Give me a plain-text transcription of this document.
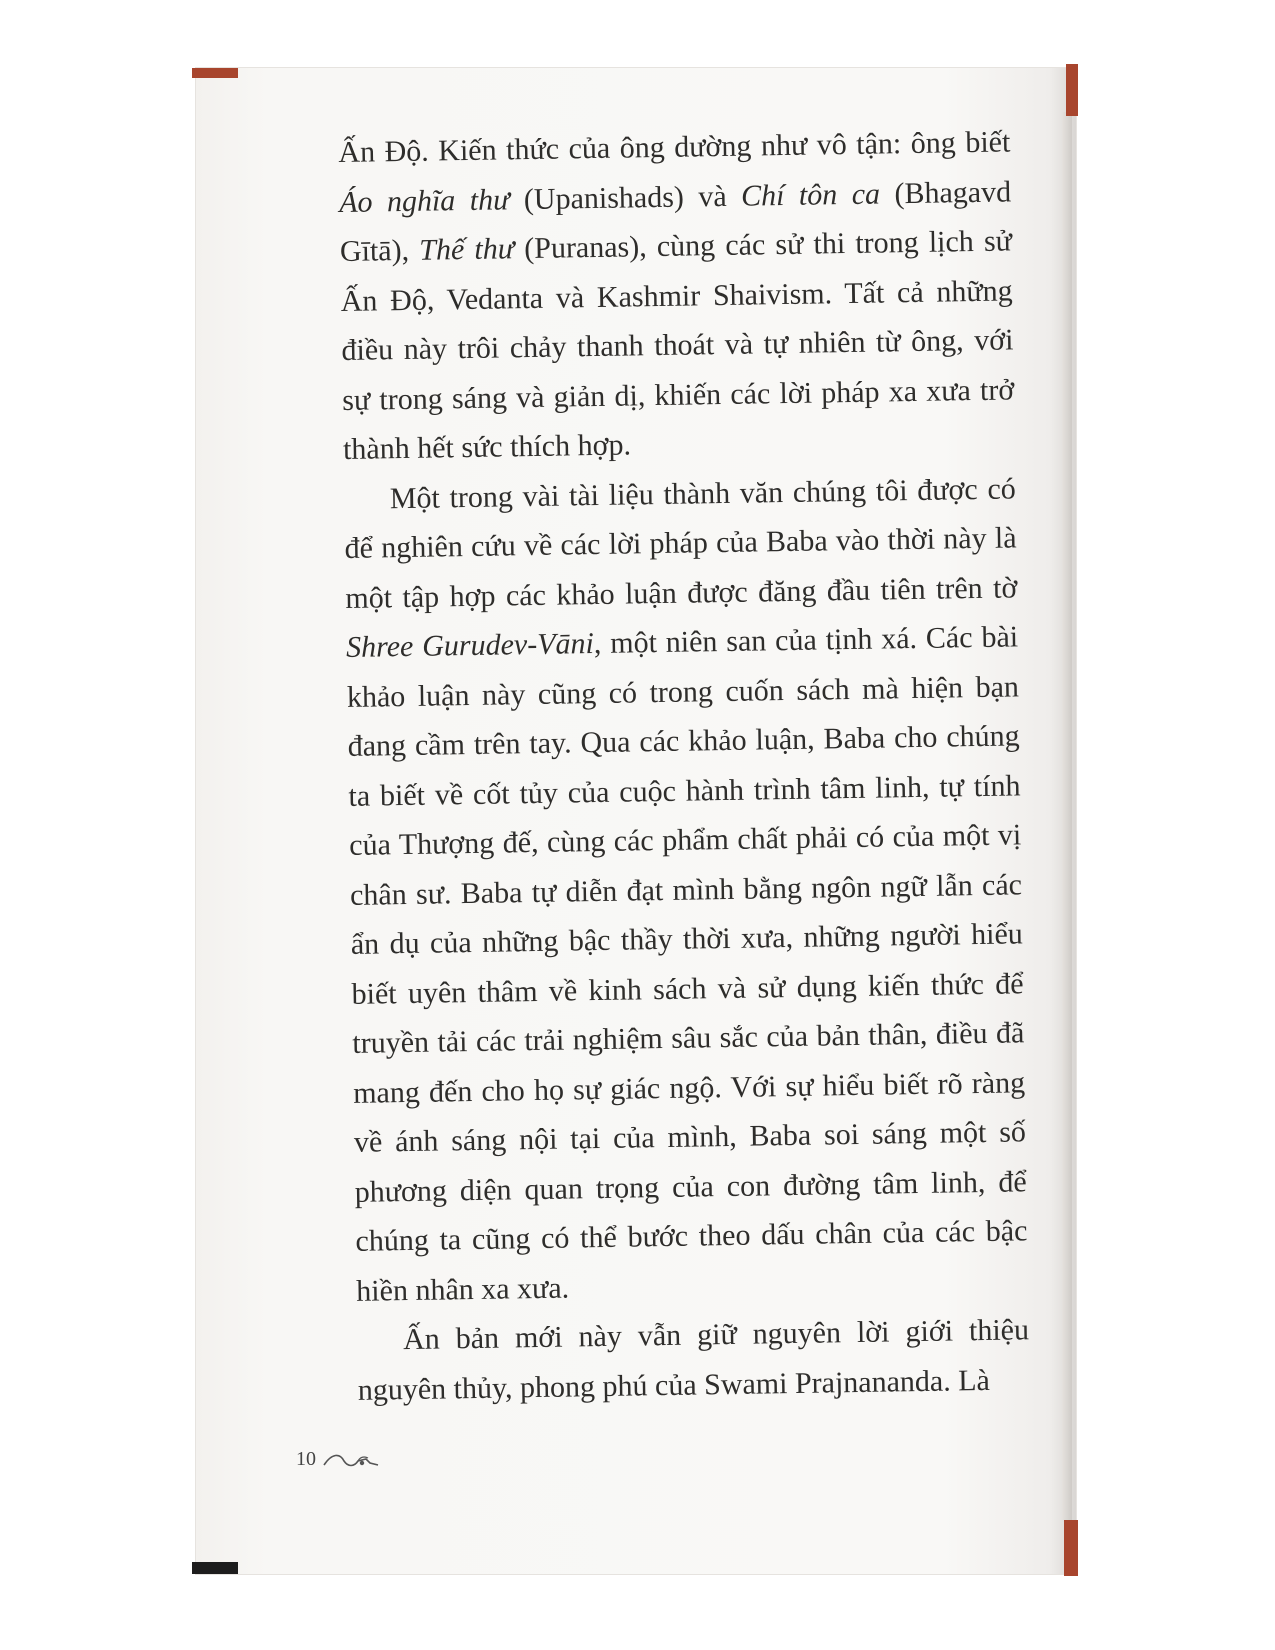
Ấn Độ. Kiến thức của ông dường như vô tận: ông biết Áo nghĩa thư (Upanishads) và Chí tôn ca (Bhagavd Gītā), Thế thư (Puranas), cùng các sử thi trong lịch sử Ấn Độ, Vedanta và Kashmir Shaivism. Tất cả những điều này trôi chảy thanh thoát và tự nhiên từ ông, với sự trong sáng và giản dị, khiến các lời pháp xa xưa trở thành hết sức thích hợp.

Một trong vài tài liệu thành văn chúng tôi được có để nghiên cứu về các lời pháp của Baba vào thời này là một tập hợp các khảo luận được đăng đầu tiên trên tờ Shree Gurudev-Vāni, một niên san của tịnh xá. Các bài khảo luận này cũng có trong cuốn sách mà hiện bạn đang cầm trên tay. Qua các khảo luận, Baba cho chúng ta biết về cốt tủy của cuộc hành trình tâm linh, tự tính của Thượng đế, cùng các phẩm chất phải có của một vị chân sư. Baba tự diễn đạt mình bằng ngôn ngữ lẫn các ẩn dụ của những bậc thầy thời xưa, những người hiểu biết uyên thâm về kinh sách và sử dụng kiến thức để truyền tải các trải nghiệm sâu sắc của bản thân, điều đã mang đến cho họ sự giác ngộ. Với sự hiểu biết rõ ràng về ánh sáng nội tại của mình, Baba soi sáng một số phương diện quan trọng của con đường tâm linh, để chúng ta cũng có thể bước theo dấu chân của các bậc hiền nhân xa xưa.

Ấn bản mới này vẫn giữ nguyên lời giới thiệu nguyên thủy, phong phú của Swami Prajnananda. Là

10
